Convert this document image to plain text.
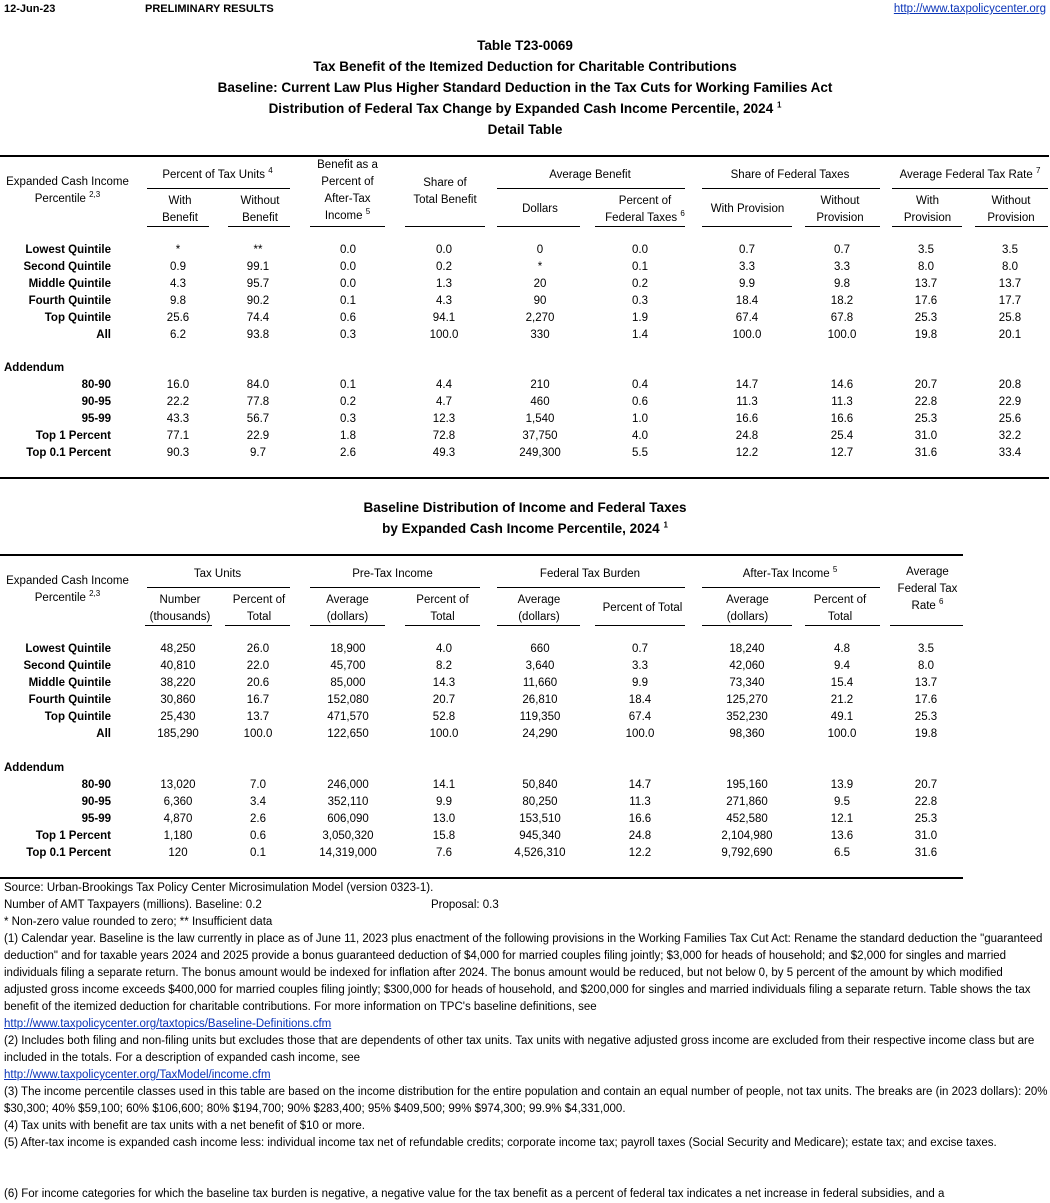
12-Jun-23	PRELIMINARY RESULTS	http://www.taxpolicycenter.org
Table T23-0069
Tax Benefit of the Itemized Deduction for Charitable Contributions
Baseline: Current Law Plus Higher Standard Deduction in the Tax Cuts for Working Families Act
Distribution of Federal Tax Change by Expanded Cash Income Percentile, 2024 $^1$
Detail Table
Expanded Cash Income
Percentile $^{2,3}$
Percent of Tax Units $^4$
With
Benefit
Without
Benefit
Benefit as a
Percent of
After-Tax
Income $^5$
Share of
Total Benefit
Average Benefit
Dollars
Percent of
Federal Taxes $^6$
Share of Federal Taxes
With Provision
Without
Provision
Average Federal Tax Rate $^7$
With
Provision
Without
Provision
Lowest Quintile	*	**	0.0	0.0	0	0.0	0.7	0.7	3.5	3.5
Second Quintile	0.9	99.1	0.0	0.2	*	0.1	3.3	3.3	8.0	8.0
Middle Quintile	4.3	95.7	0.0	1.3	20	0.2	9.9	9.8	13.7	13.7
Fourth Quintile	9.8	90.2	0.1	4.3	90	0.3	18.4	18.2	17.6	17.7
Top Quintile	25.6	74.4	0.6	94.1	2,270	1.9	67.4	67.8	25.3	25.8
All	6.2	93.8	0.3	100.0	330	1.4	100.0	100.0	19.8	20.1
Addendum
80-90	16.0	84.0	0.1	4.4	210	0.4	14.7	14.6	20.7	20.8
90-95	22.2	77.8	0.2	4.7	460	0.6	11.3	11.3	22.8	22.9
95-99	43.3	56.7	0.3	12.3	1,540	1.0	16.6	16.6	25.3	25.6
Top 1 Percent	77.1	22.9	1.8	72.8	37,750	4.0	24.8	25.4	31.0	32.2
Top 0.1 Percent	90.3	9.7	2.6	49.3	249,300	5.5	12.2	12.7	31.6	33.4
Baseline Distribution of Income and Federal Taxes
by Expanded Cash Income Percentile, 2024 $^1$
Expanded Cash Income
Percentile $^{2,3}$
Tax Units
Number
(thousands)
Percent of
Total
Pre-Tax Income
Average
(dollars)
Percent of
Total
Federal Tax Burden
Average
(dollars)
Percent of Total
After-Tax Income $^5$
Average
(dollars)
Percent of
Total
Average
Federal Tax
Rate $^6$
Lowest Quintile	48,250	26.0	18,900	4.0	660	0.7	18,240	4.8	3.5
Second Quintile	40,810	22.0	45,700	8.2	3,640	3.3	42,060	9.4	8.0
Middle Quintile	38,220	20.6	85,000	14.3	11,660	9.9	73,340	15.4	13.7
Fourth Quintile	30,860	16.7	152,080	20.7	26,810	18.4	125,270	21.2	17.6
Top Quintile	25,430	13.7	471,570	52.8	119,350	67.4	352,230	49.1	25.3
All	185,290	100.0	122,650	100.0	24,290	100.0	98,360	100.0	19.8
Addendum
80-90	13,020	7.0	246,000	14.1	50,840	14.7	195,160	13.9	20.7
90-95	6,360	3.4	352,110	9.9	80,250	11.3	271,860	9.5	22.8
95-99	4,870	2.6	606,090	13.0	153,510	16.6	452,580	12.1	25.3
Top 1 Percent	1,180	0.6	3,050,320	15.8	945,340	24.8	2,104,980	13.6	31.0
Top 0.1 Percent	120	0.1	14,319,000	7.6	4,526,310	12.2	9,792,690	6.5	31.6
Source: Urban-Brookings Tax Policy Center Microsimulation Model (version 0323-1).
Number of AMT Taxpayers (millions). Baseline: 0.2	Proposal: 0.3
* Non-zero value rounded to zero; ** Insufficient data
(1) Calendar year. Baseline is the law currently in place as of June 11, 2023 plus enactment of the following provisions in the Working Families Tax Cut Act: Rename the standard deduction the "guaranteed deduction" and for taxable years 2024 and 2025 provide a bonus guaranteed deduction of $4,000 for married couples filing jointly; $3,000 for heads of household; and $2,000 for singles and married individuals filing a separate return. The bonus amount would be indexed for inflation after 2024. The bonus amount would be reduced, but not below 0, by 5 percent of the amount by which modified adjusted gross income exceeds $400,000 for married couples filing jointly; $300,000 for heads of household, and $200,000 for singles and married individuals filing a separate return. Table shows the tax benefit of the itemized deduction for charitable contributions. For more information on TPC's baseline definitions, see
http://www.taxpolicycenter.org/taxtopics/Baseline-Definitions.cfm
(2) Includes both filing and non-filing units but excludes those that are dependents of other tax units. Tax units with negative adjusted gross income are excluded from their respective income class but are included in the totals. For a description of expanded cash income, see
http://www.taxpolicycenter.org/TaxModel/income.cfm
(3) The income percentile classes used in this table are based on the income distribution for the entire population and contain an equal number of people, not tax units. The breaks are (in 2023 dollars): 20% $30,300; 40% $59,100; 60% $106,600; 80% $194,700; 90% $283,400; 95% $409,500; 99% $974,300; 99.9% $4,331,000.
(4) Tax units with benefit are tax units with a net benefit of $10 or more.
(5) After-tax income is expanded cash income less: individual income tax net of refundable credits; corporate income tax; payroll taxes (Social Security and Medicare); estate tax; and excise taxes.
(6) For income categories for which the baseline tax burden is negative, a negative value for the tax benefit as a percent of federal tax indicates a net increase in federal subsidies, and a
